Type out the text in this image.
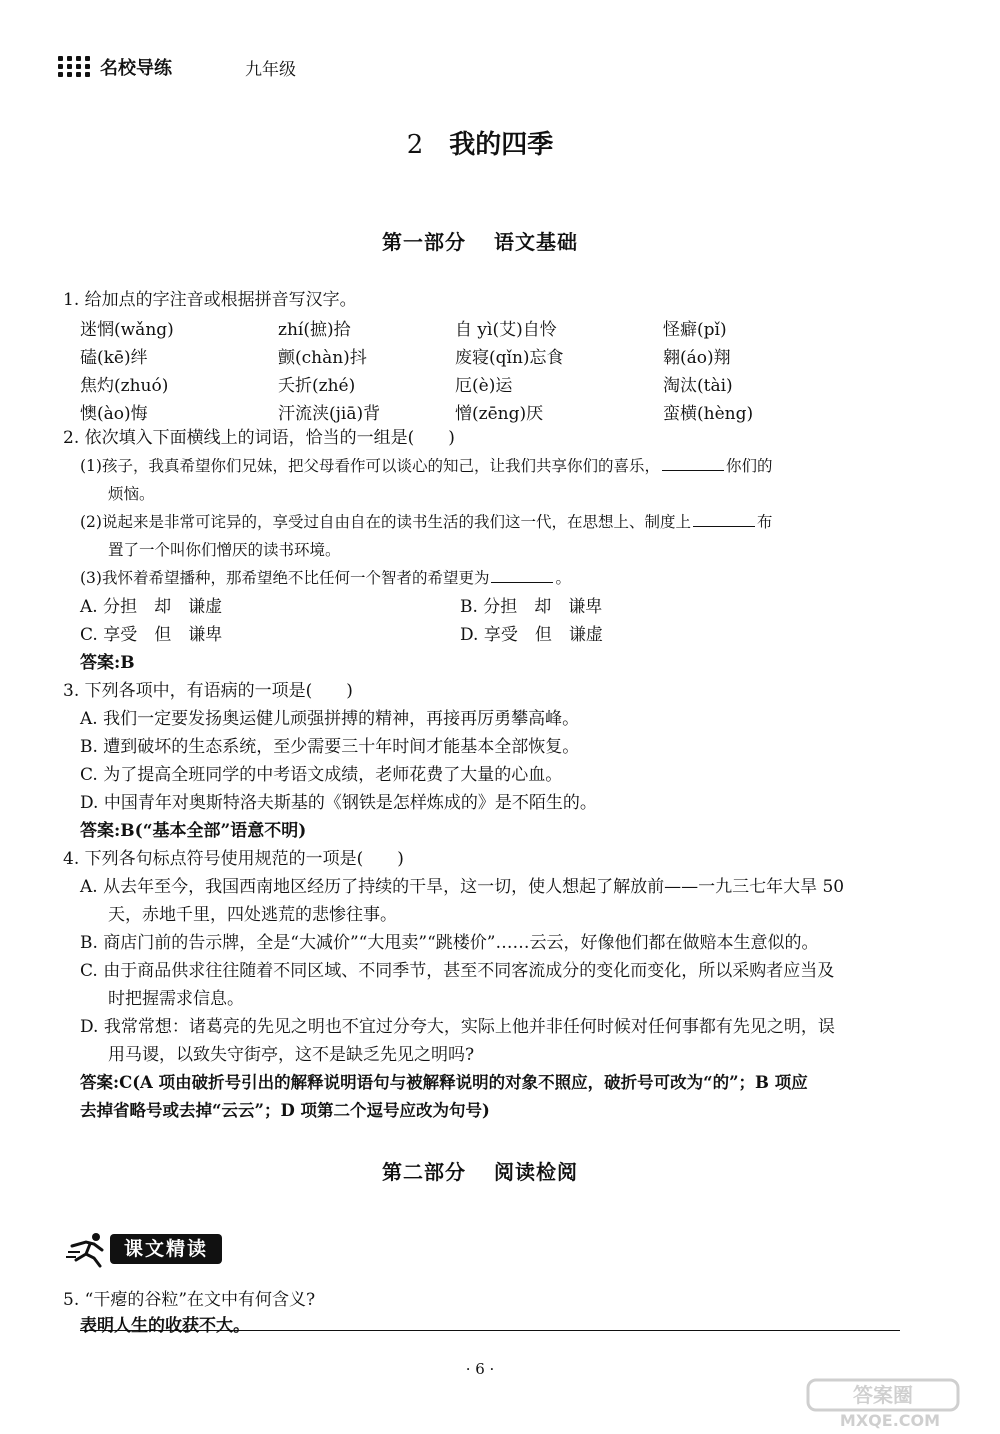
名校导练	九年级
2 我的四季
第一部分 语文基础
1. 给加点的字注音或根据拼音写汉字。
迷惘(wǎng)	zhí(摭)拾	自 yì(艾)自怜	怪癖(pǐ)
磕(kē)绊	颤(chàn)抖	废寝(qǐn)忘食	翱(áo)翔
焦灼(zhuó)	夭折(zhé)	厄(è)运	淘汰(tài)
懊(ào)悔	汗流浃(jiā)背	憎(zēng)厌	蛮横(hèng)
2. 依次填入下面横线上的词语，恰当的一组是(　　)
(1)孩子，我真希望你们兄妹，把父母看作可以谈心的知己，让我们共享你们的喜乐，	你们的
烦恼。
(2)说起来是非常可诧异的，享受过自由自在的读书生活的我们这一代，在思想上、制度上	布
置了一个叫你们憎厌的读书环境。
(3)我怀着希望播种，那希望绝不比任何一个智者的希望更为	。
A. 分担　却　谦虚	B. 分担　却　谦卑
C. 享受　但　谦卑	D. 享受　但　谦虚
答案:B
3. 下列各项中，有语病的一项是(　　)
A. 我们一定要发扬奥运健儿顽强拼搏的精神，再接再厉勇攀高峰。
B. 遭到破坏的生态系统，至少需要三十年时间才能基本全部恢复。
C. 为了提高全班同学的中考语文成绩，老师花费了大量的心血。
D. 中国青年对奥斯特洛夫斯基的《钢铁是怎样炼成的》是不陌生的。
答案:B(“基本全部”语意不明)
4. 下列各句标点符号使用规范的一项是(　　)
A. 从去年至今，我国西南地区经历了持续的干旱，这一切，使人想起了解放前——一九三七年大旱 50
天，赤地千里，四处逃荒的悲惨往事。
B. 商店门前的告示牌，全是“大减价”“大甩卖”“跳楼价”……云云，好像他们都在做赔本生意似的。
C. 由于商品供求往往随着不同区域、不同季节，甚至不同客流成分的变化而变化，所以采购者应当及
时把握需求信息。
D. 我常常想：诸葛亮的先见之明也不宜过分夸大，实际上他并非任何时候对任何事都有先见之明，误
用马谡，以致失守街亭，这不是缺乏先见之明吗?
答案:C(A 项由破折号引出的解释说明语句与被解释说明的对象不照应，破折号可改为“的”；B 项应
去掉省略号或去掉“云云”；D 项第二个逗号应改为句号)
第二部分 阅读检阅
课文精读
5. “干瘪的谷粒”在文中有何含义?
表明人生的收获不大。
· 6 ·
答案圈
MXQE.COM
